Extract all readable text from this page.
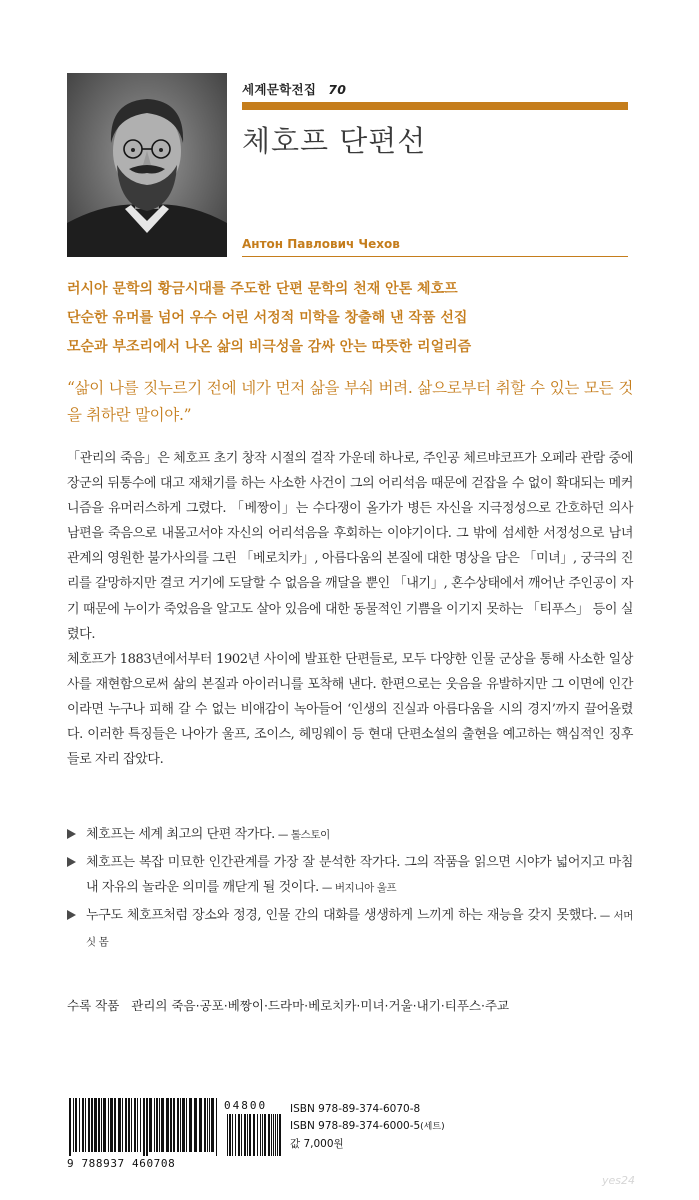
세계문학전집 70
체호프 단편선
Антон Павлович Чехов
러시아 문학의 황금시대를 주도한 단편 문학의 천재 안톤 체호프
단순한 유머를 넘어 우수 어린 서정적 미학을 창출해 낸 작품 선집
모순과 부조리에서 나온 삶의 비극성을 감싸 안는 따뜻한 리얼리즘
“삶이 나를 짓누르기 전에 네가 먼저 삶을 부숴 버려. 삶으로부터 취할 수 있는 모든 것을 취하란 말이야.”

「관리의 죽음」은 체호프 초기 창작 시절의 걸작 가운데 하나로, 주인공 체르뱌코프가 오페라 관람 중에 장군의 뒤통수에 대고 재채기를 하는 사소한 사건이 그의 어리석음 때문에 걷잡을 수 없이 확대되는 메커니즘을 유머러스하게 그렸다. 「베짱이」는 수다쟁이 올가가 병든 자신을 지극정성으로 간호하던 의사 남편을 죽음으로 내몰고서야 자신의 어리석음을 후회하는 이야기이다. 그 밖에 섬세한 서정성으로 남녀 관계의 영원한 불가사의를 그린 「베로치카」, 아름다움의 본질에 대한 명상을 담은 「미녀」, 궁극의 진리를 갈망하지만 결코 거기에 도달할 수 없음을 깨달을 뿐인 「내기」, 혼수상태에서 깨어난 주인공이 자기 때문에 누이가 죽었음을 알고도 살아 있음에 대한 동물적인 기쁨을 이기지 못하는 「티푸스」 등이 실렸다.

체호프가 1883년에서부터 1902년 사이에 발표한 단편들로, 모두 다양한 인물 군상을 통해 사소한 일상사를 재현함으로써 삶의 본질과 아이러니를 포착해 낸다. 한편으로는 웃음을 유발하지만 그 이면에 인간이라면 누구나 피해 갈 수 없는 비애감이 녹아들어 ‘인생의 진실과 아름다움을 시의 경지’까지 끌어올렸다. 이러한 특징들은 나아가 울프, 조이스, 헤밍웨이 등 현대 단편소설의 출현을 예고하는 핵심적인 징후들로 자리 잡았다.

체호프는 세계 최고의 단편 작가다. — 톨스토이
체호프는 복잡 미묘한 인간관계를 가장 잘 분석한 작가다. 그의 작품을 읽으면 시야가 넓어지고 마침내 자유의 놀라운 의미를 깨닫게 될 것이다. — 버지니아 울프
누구도 체호프처럼 장소와 정경, 인물 간의 대화를 생생하게 느끼게 하는 재능을 갖지 못했다. — 서머싯 몸
수록 작품 관리의 죽음·공포·베짱이·드라마·베로치카·미녀·거울·내기·티푸스·주교
9 788937 460708
04800 ISBN 978-89-374-6070-8
ISBN 978-89-374-6000-5(세트)
값 7,000원
yes24
